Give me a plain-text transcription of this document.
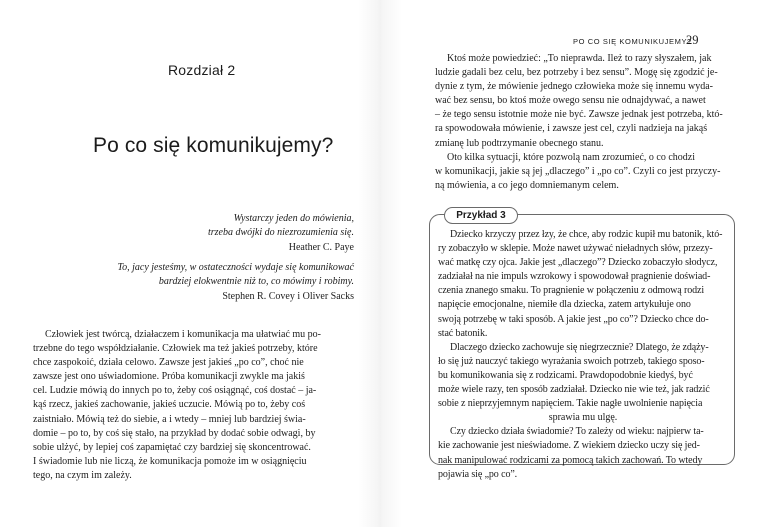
Rozdział 2
Po co się komunikujemy?
Wystarczy jeden do mówienia,
trzeba dwójki do niezrozumienia się.
Heather C. Paye
To, jacy jesteśmy, w ostateczności wydaje się komunikować
bardziej elokwentnie niż to, co mówimy i robimy.
Stephen R. Covey i Oliver Sacks
Człowiek jest twórcą, działaczem i komunikacja ma ułatwiać mu po-
trzebne do tego współdziałanie. Człowiek ma też jakieś potrzeby, które
chce zaspokoić, działa celowo. Zawsze jest jakieś „po co”, choć nie
zawsze jest ono uświadomione. Próba komunikacji zwykle ma jakiś
cel. Ludzie mówią do innych po to, żeby coś osiągnąć, coś dostać – ja-
kąś rzecz, jakieś zachowanie, jakieś uczucie. Mówią po to, żeby coś
zaistniało. Mówią też do siebie, a i wtedy – mniej lub bardziej świa-
domie – po to, by coś się stało, na przykład by dodać sobie odwagi, by
sobie ulżyć, by lepiej coś zapamiętać czy bardziej się skoncentrować.
I świadomie lub nie liczą, że komunikacja pomoże im w osiągnięciu
tego, na czym im zależy.
PO CO SIĘ KOMUNIKUJEMY?
29
Ktoś może powiedzieć: „To nieprawda. Ileż to razy słyszałem, jak
ludzie gadali bez celu, bez potrzeby i bez sensu”. Mogę się zgodzić je-
dynie z tym, że mówienie jednego człowieka może się innemu wyda-
wać bez sensu, bo ktoś może owego sensu nie odnajdywać, a nawet
– że tego sensu istotnie może nie być. Zawsze jednak jest potrzeba, któ-
ra spowodowała mówienie, i zawsze jest cel, czyli nadzieja na jakąś
zmianę lub podtrzymanie obecnego stanu.
Oto kilka sytuacji, które pozwolą nam zrozumieć, o co chodzi
w komunikacji, jakie są jej „dlaczego” i „po co”. Czyli co jest przyczy-
ną mówienia, a co jego domniemanym celem.
Przykład 3
Dziecko krzyczy przez łzy, że chce, aby rodzic kupił mu batonik, któ-
ry zobaczyło w sklepie. Może nawet używać nieładnych słów, przezy-
wać matkę czy ojca. Jakie jest „dlaczego”? Dziecko zobaczyło słodycz,
zadziałał na nie impuls wzrokowy i spowodował pragnienie doświad-
czenia znanego smaku. To pragnienie w połączeniu z odmową rodzi
napięcie emocjonalne, niemiłe dla dziecka, zatem artykułuje ono
swoją potrzebę w taki sposób. A jakie jest „po co”? Dziecko chce do-
stać batonik.
Dlaczego dziecko zachowuje się niegrzecznie? Dlatego, że zdąży-
ło się już nauczyć takiego wyrażania swoich potrzeb, takiego sposo-
bu komunikowania się z rodzicami. Prawdopodobnie kiedyś, być
może wiele razy, ten sposób zadziałał. Dziecko nie wie też, jak radzić
sobie z nieprzyjemnym napięciem. Takie nagłe uwolnienie napięcia
sprawia mu ulgę.
Czy dziecko działa świadomie? To zależy od wieku: najpierw ta-
kie zachowanie jest nieświadome. Z wiekiem dziecko uczy się jed-
nak manipulować rodzicami za pomocą takich zachowań. To wtedy
pojawia się „po co”.
